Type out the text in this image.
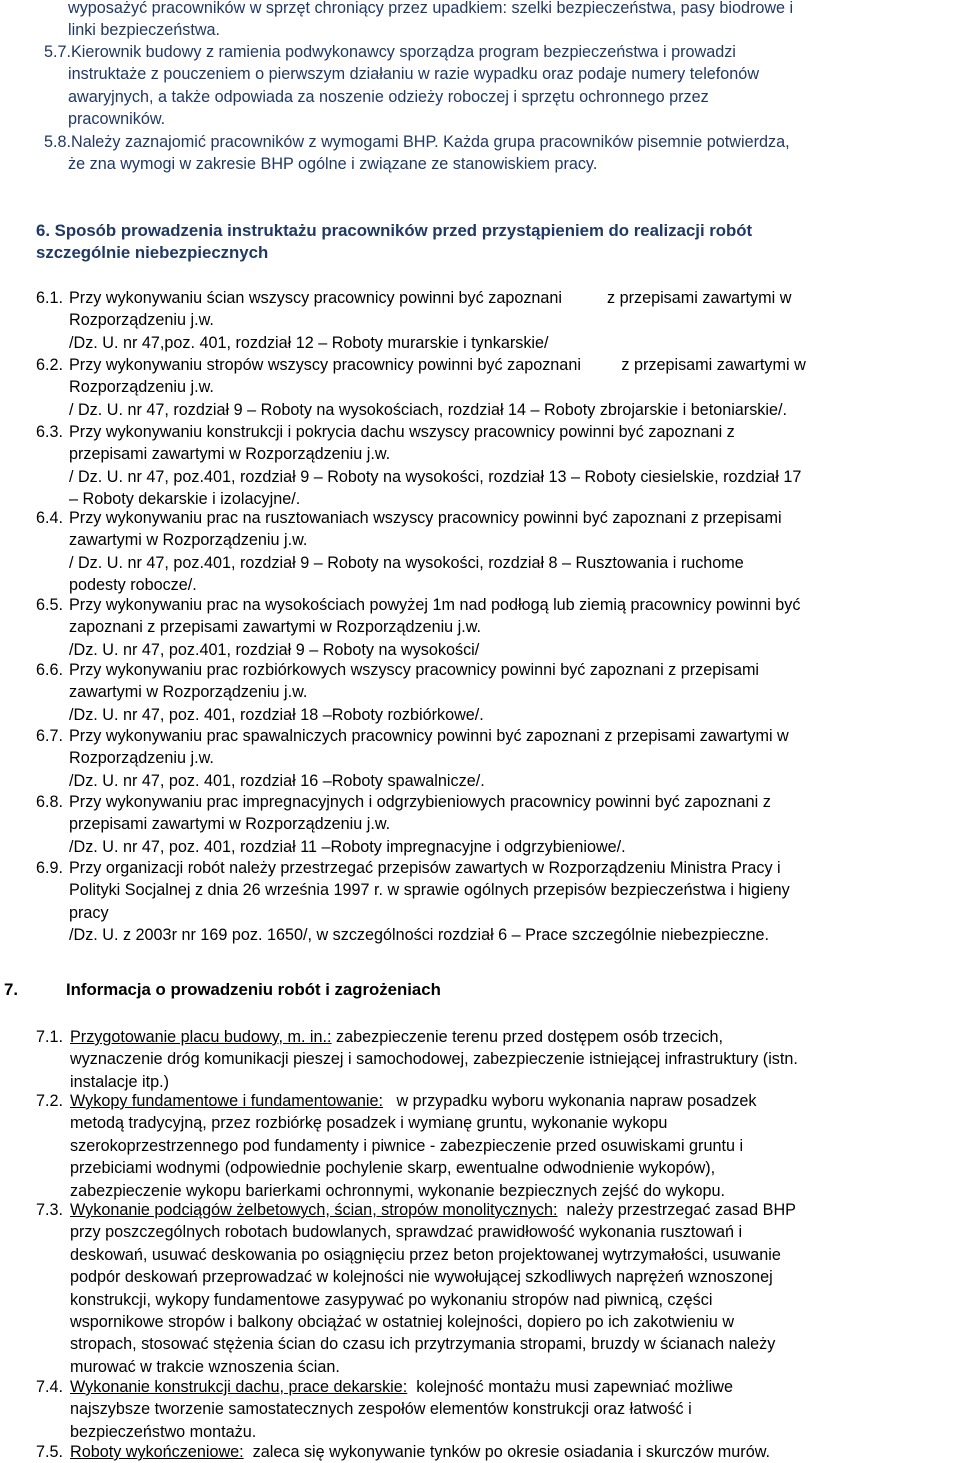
wyposażyć pracowników w sprzęt chroniący przez upadkiem: szelki bezpieczeństwa, pasy biodrowe i
linki bezpieczeństwa.
5.7.Kierownik budowy z ramienia podwykonawcy sporządza program bezpieczeństwa i prowadzi
instruktaże z pouczeniem o pierwszym działaniu w razie wypadku oraz podaje numery telefonów
awaryjnych, a także odpowiada za noszenie odzieży roboczej i sprzętu ochronnego przez
pracowników.
5.8.Należy zaznajomić pracowników z wymogami BHP. Każda grupa pracowników pisemnie potwierdza,
że zna wymogi w zakresie BHP ogólne i związane ze stanowiskiem pracy.
6. Sposób prowadzenia instruktażu pracowników przed przystąpieniem do realizacji robót
szczególnie niebezpiecznych
6.1. Przy wykonywaniu ścian wszyscy pracownicy powinni być zapoznani          z przepisami zawartymi w
Rozporządzeniu j.w.
/Dz. U. nr 47,poz. 401, rozdział 12 – Roboty murarskie i tynkarskie/
6.2. Przy wykonywaniu stropów wszyscy pracownicy powinni być zapoznani         z przepisami zawartymi w
Rozporządzeniu j.w.
/ Dz. U. nr 47, rozdział 9 – Roboty na wysokościach, rozdział 14 – Roboty zbrojarskie i betoniarskie/.
6.3. Przy wykonywaniu konstrukcji i pokrycia dachu wszyscy pracownicy powinni być zapoznani z
przepisami zawartymi w Rozporządzeniu j.w.
/ Dz. U. nr 47, poz.401, rozdział 9 – Roboty na wysokości, rozdział 13 – Roboty ciesielskie, rozdział 17
– Roboty dekarskie i izolacyjne/.
6.4. Przy wykonywaniu prac na rusztowaniach wszyscy pracownicy powinni być zapoznani z przepisami
zawartymi w Rozporządzeniu j.w.
/ Dz. U. nr 47, poz.401, rozdział 9 – Roboty na wysokości, rozdział 8 – Rusztowania i ruchome
podesty robocze/.
6.5. Przy wykonywaniu prac na wysokościach powyżej 1m nad podłogą lub ziemią pracownicy powinni być
zapoznani z przepisami zawartymi w Rozporządzeniu j.w.
/Dz. U. nr 47, poz.401, rozdział 9 – Roboty na wysokości/
6.6. Przy wykonywaniu prac rozbiórkowych wszyscy pracownicy powinni być zapoznani z przepisami
zawartymi w Rozporządzeniu j.w.
/Dz. U. nr 47, poz. 401, rozdział 18 –Roboty rozbiórkowe/.
6.7. Przy wykonywaniu prac spawalniczych pracownicy powinni być zapoznani z przepisami zawartymi w
Rozporządzeniu j.w.
/Dz. U. nr 47, poz. 401, rozdział 16 –Roboty spawalnicze/.
6.8. Przy wykonywaniu prac impregnacyjnych i odgrzybieniowych pracownicy powinni być zapoznani z
przepisami zawartymi w Rozporządzeniu j.w.
/Dz. U. nr 47, poz. 401, rozdział 11 –Roboty impregnacyjne i odgrzybieniowe/.
6.9. Przy organizacji robót należy przestrzegać przepisów zawartych w Rozporządzeniu Ministra Pracy i
Polityki Socjalnej z dnia 26 września 1997 r. w sprawie ogólnych przepisów bezpieczeństwa i higieny
pracy
/Dz. U. z 2003r nr 169 poz. 1650/, w szczególności rozdział 6 – Prace szczególnie niebezpieczne.
7.	Informacja o prowadzeniu robót i zagrożeniach
7.1. Przygotowanie placu budowy, m. in.: zabezpieczenie terenu przed dostępem osób trzecich,
wyznaczenie dróg komunikacji pieszej i samochodowej, zabezpieczenie istniejącej infrastruktury (istn.
instalacje itp.)
7.2. Wykopy fundamentowe i fundamentowanie:   w przypadku wyboru wykonania napraw posadzek
metodą tradycyjną, przez rozbiórkę posadzek i wymianę gruntu, wykonanie wykopu
szerokoprzestrzennego pod fundamenty i piwnice - zabezpieczenie przed osuwiskami gruntu i
przebiciami wodnymi (odpowiednie pochylenie skarp, ewentualne odwodnienie wykopów),
zabezpieczenie wykopu barierkami ochronnymi, wykonanie bezpiecznych zejść do wykopu.
7.3. Wykonanie podciągów żelbetowych, ścian, stropów monolitycznych:  należy przestrzegać zasad BHP
przy poszczególnych robotach budowlanych, sprawdzać prawidłowość wykonania rusztowań i
deskowań, usuwać deskowania po osiągnięciu przez beton projektowanej wytrzymałości, usuwanie
podpór deskowań przeprowadzać w kolejności nie wywołującej szkodliwych naprężeń wznoszonej
konstrukcji, wykopy fundamentowe zasypywać po wykonaniu stropów nad piwnicą, części
wspornikowe stropów i balkony obciążać w ostatniej kolejności, dopiero po ich zakotwieniu w
stropach, stosować stężenia ścian do czasu ich przytrzymania stropami, bruzdy w ścianach należy
murować w trakcie wznoszenia ścian.
7.4. Wykonanie konstrukcji dachu, prace dekarskie:  kolejność montażu musi zapewniać możliwe
najszybsze tworzenie samostatecznych zespołów elementów konstrukcji oraz łatwość i
bezpieczeństwo montażu.
7.5. Roboty wykończeniowe:  zaleca się wykonywanie tynków po okresie osiadania i skurczów murów.
